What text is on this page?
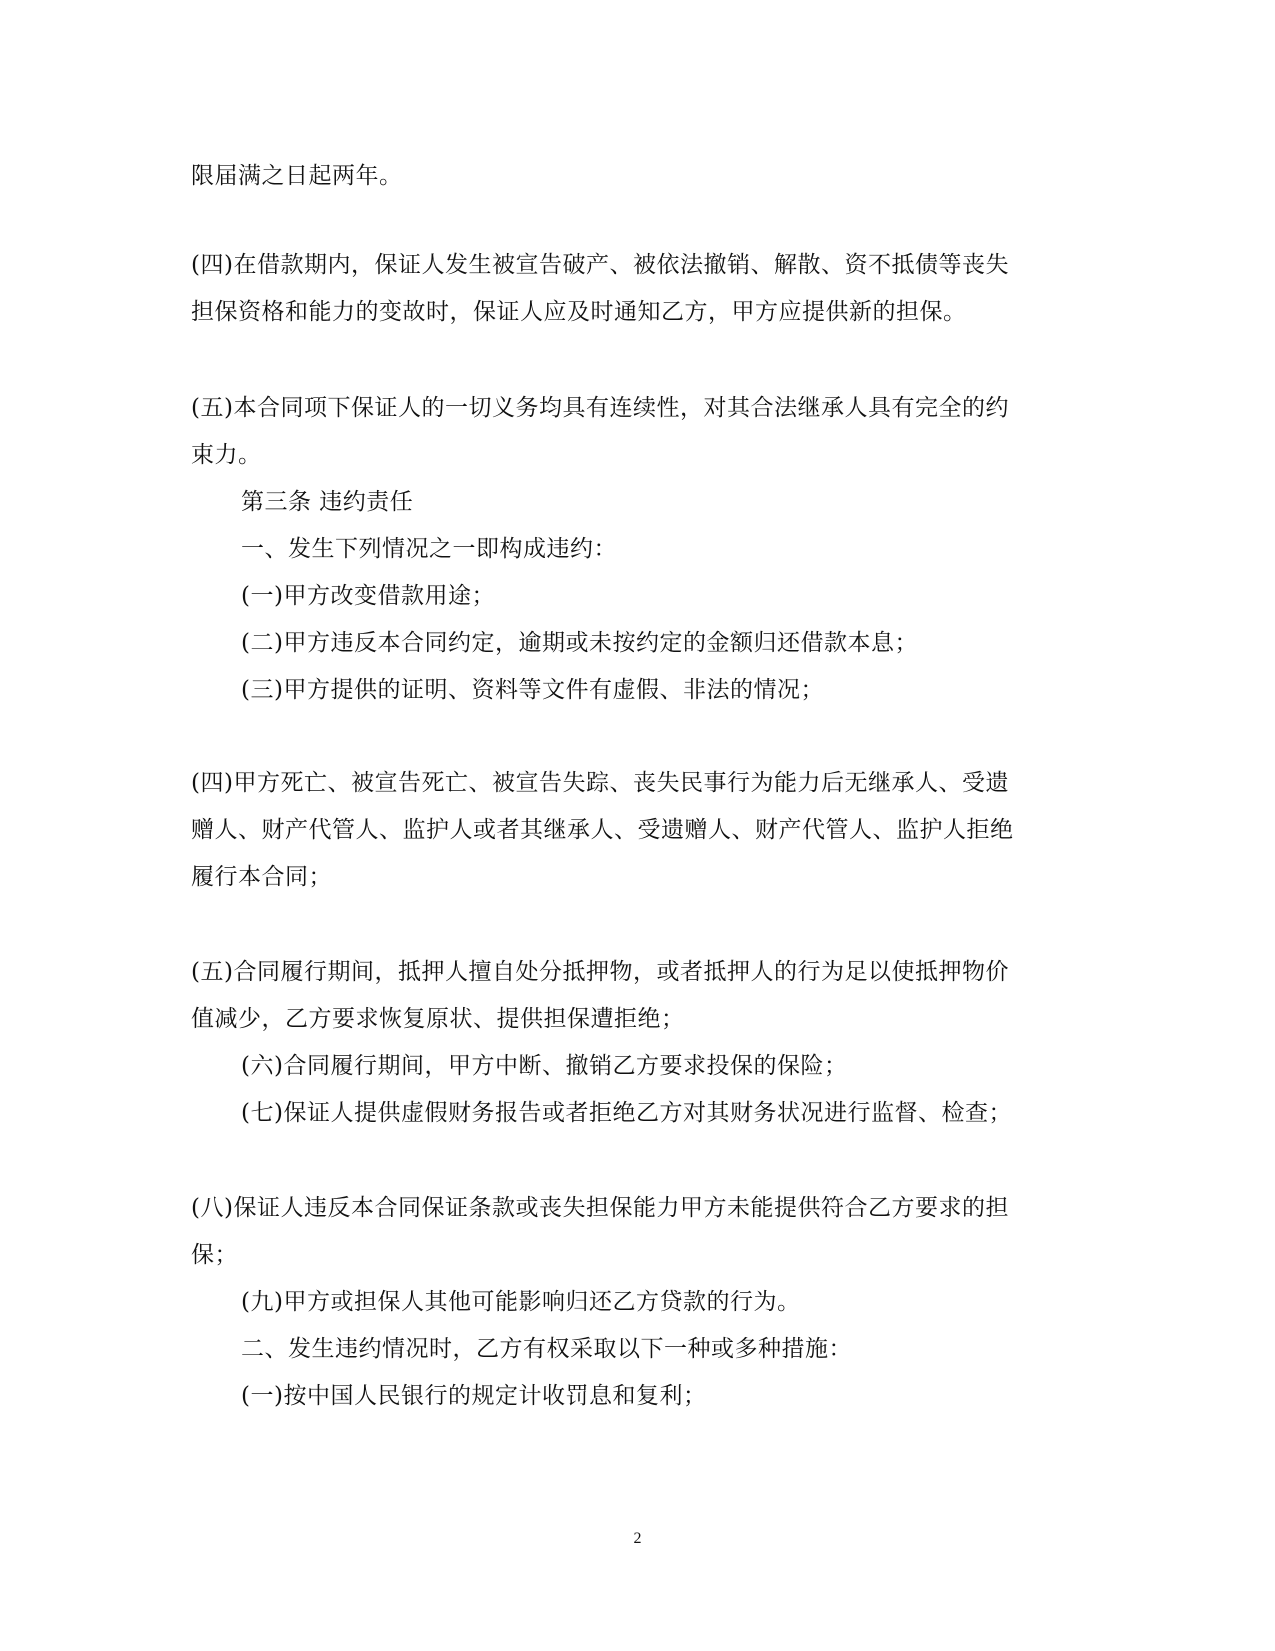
限届满之日起两年。
(四)在借款期内，保证人发生被宣告破产、被依法撤销、解散、资不抵债等丧失
担保资格和能力的变故时，保证人应及时通知乙方，甲方应提供新的担保。
(五)本合同项下保证人的一切义务均具有连续性，对其合法继承人具有完全的约
束力。
第三条 违约责任
一、发生下列情况之一即构成违约：
(一)甲方改变借款用途；
(二)甲方违反本合同约定，逾期或未按约定的金额归还借款本息；
(三)甲方提供的证明、资料等文件有虚假、非法的情况；
(四)甲方死亡、被宣告死亡、被宣告失踪、丧失民事行为能力后无继承人、受遗
赠人、财产代管人、监护人或者其继承人、受遗赠人、财产代管人、监护人拒绝
履行本合同；
(五)合同履行期间，抵押人擅自处分抵押物，或者抵押人的行为足以使抵押物价
值减少，乙方要求恢复原状、提供担保遭拒绝；
(六)合同履行期间，甲方中断、撤销乙方要求投保的保险；
(七)保证人提供虚假财务报告或者拒绝乙方对其财务状况进行监督、检查；
(八)保证人违反本合同保证条款或丧失担保能力甲方未能提供符合乙方要求的担
保；
(九)甲方或担保人其他可能影响归还乙方贷款的行为。
二、发生违约情况时，乙方有权采取以下一种或多种措施：
(一)按中国人民银行的规定计收罚息和复利；
2
